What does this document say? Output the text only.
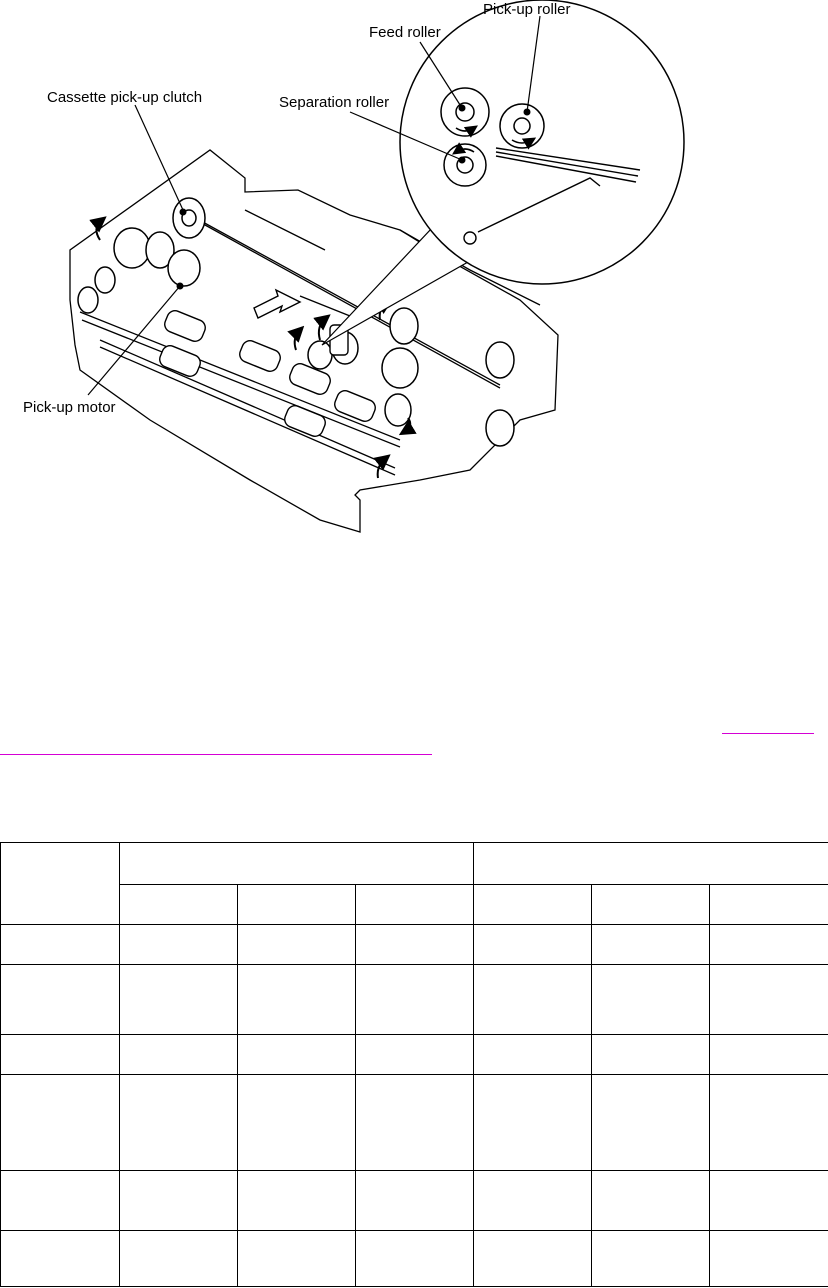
Pick-up roller
Feed roller
Separation roller
Cassette pick-up clutch
Pick-up motor
